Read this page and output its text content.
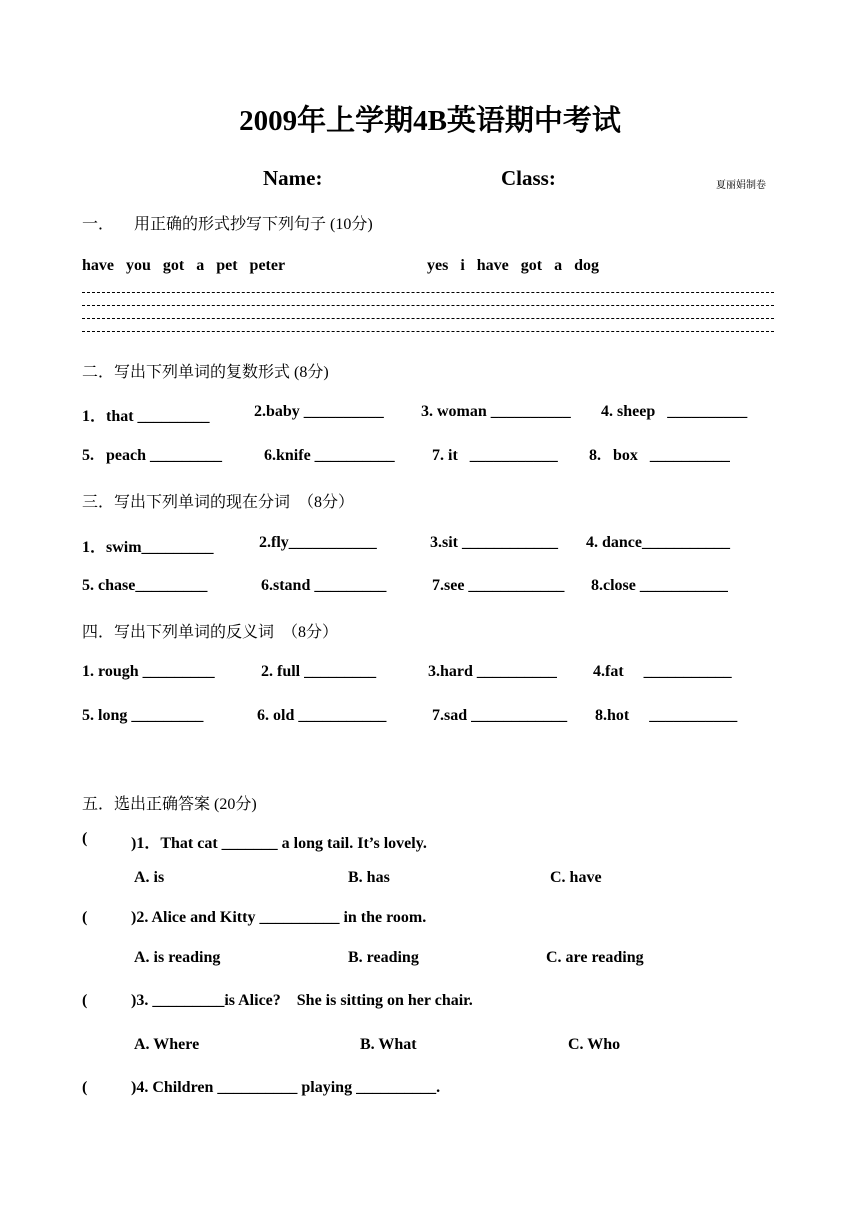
2009年上学期4B英语期中考试
Name:	Class:	夏丽娟制卷
一．     用正确的形式抄写下列句子 (10分)
have   you   got   a   pet   peter	yes   i   have   got   a   dog
二．写出下列单词的复数形式 (8分)
1．that _________	2.baby __________ 3. woman __________ 4. sheep   __________
5.   peach _________	6.knife __________ 7. it   ___________ 8.   box   __________
三．写出下列单词的现在分词  （8分）
1．swim_________	2.fly___________	3.sit ____________ 4. dance___________
5. chase_________	6.stand _________	7.see ____________ 8.close ___________
四．写出下列单词的反义词  （8分）
1. rough _________	2. full _________	3.hard __________ 4.fat     ___________
5. long _________	6. old ___________	7.sad ____________ 8.hot     ___________
五．选出正确答案 (20分)
(	)1．That cat _______ a long tail. It’s lovely.
A. is	B. has	C. have
(	)2. Alice and Kitty __________ in the room.
A. is reading	B. reading	C. are reading
(	)3. _________is Alice?    She is sitting on her chair.
A. Where	B. What	C. Who
(	)4. Children __________ playing __________.
